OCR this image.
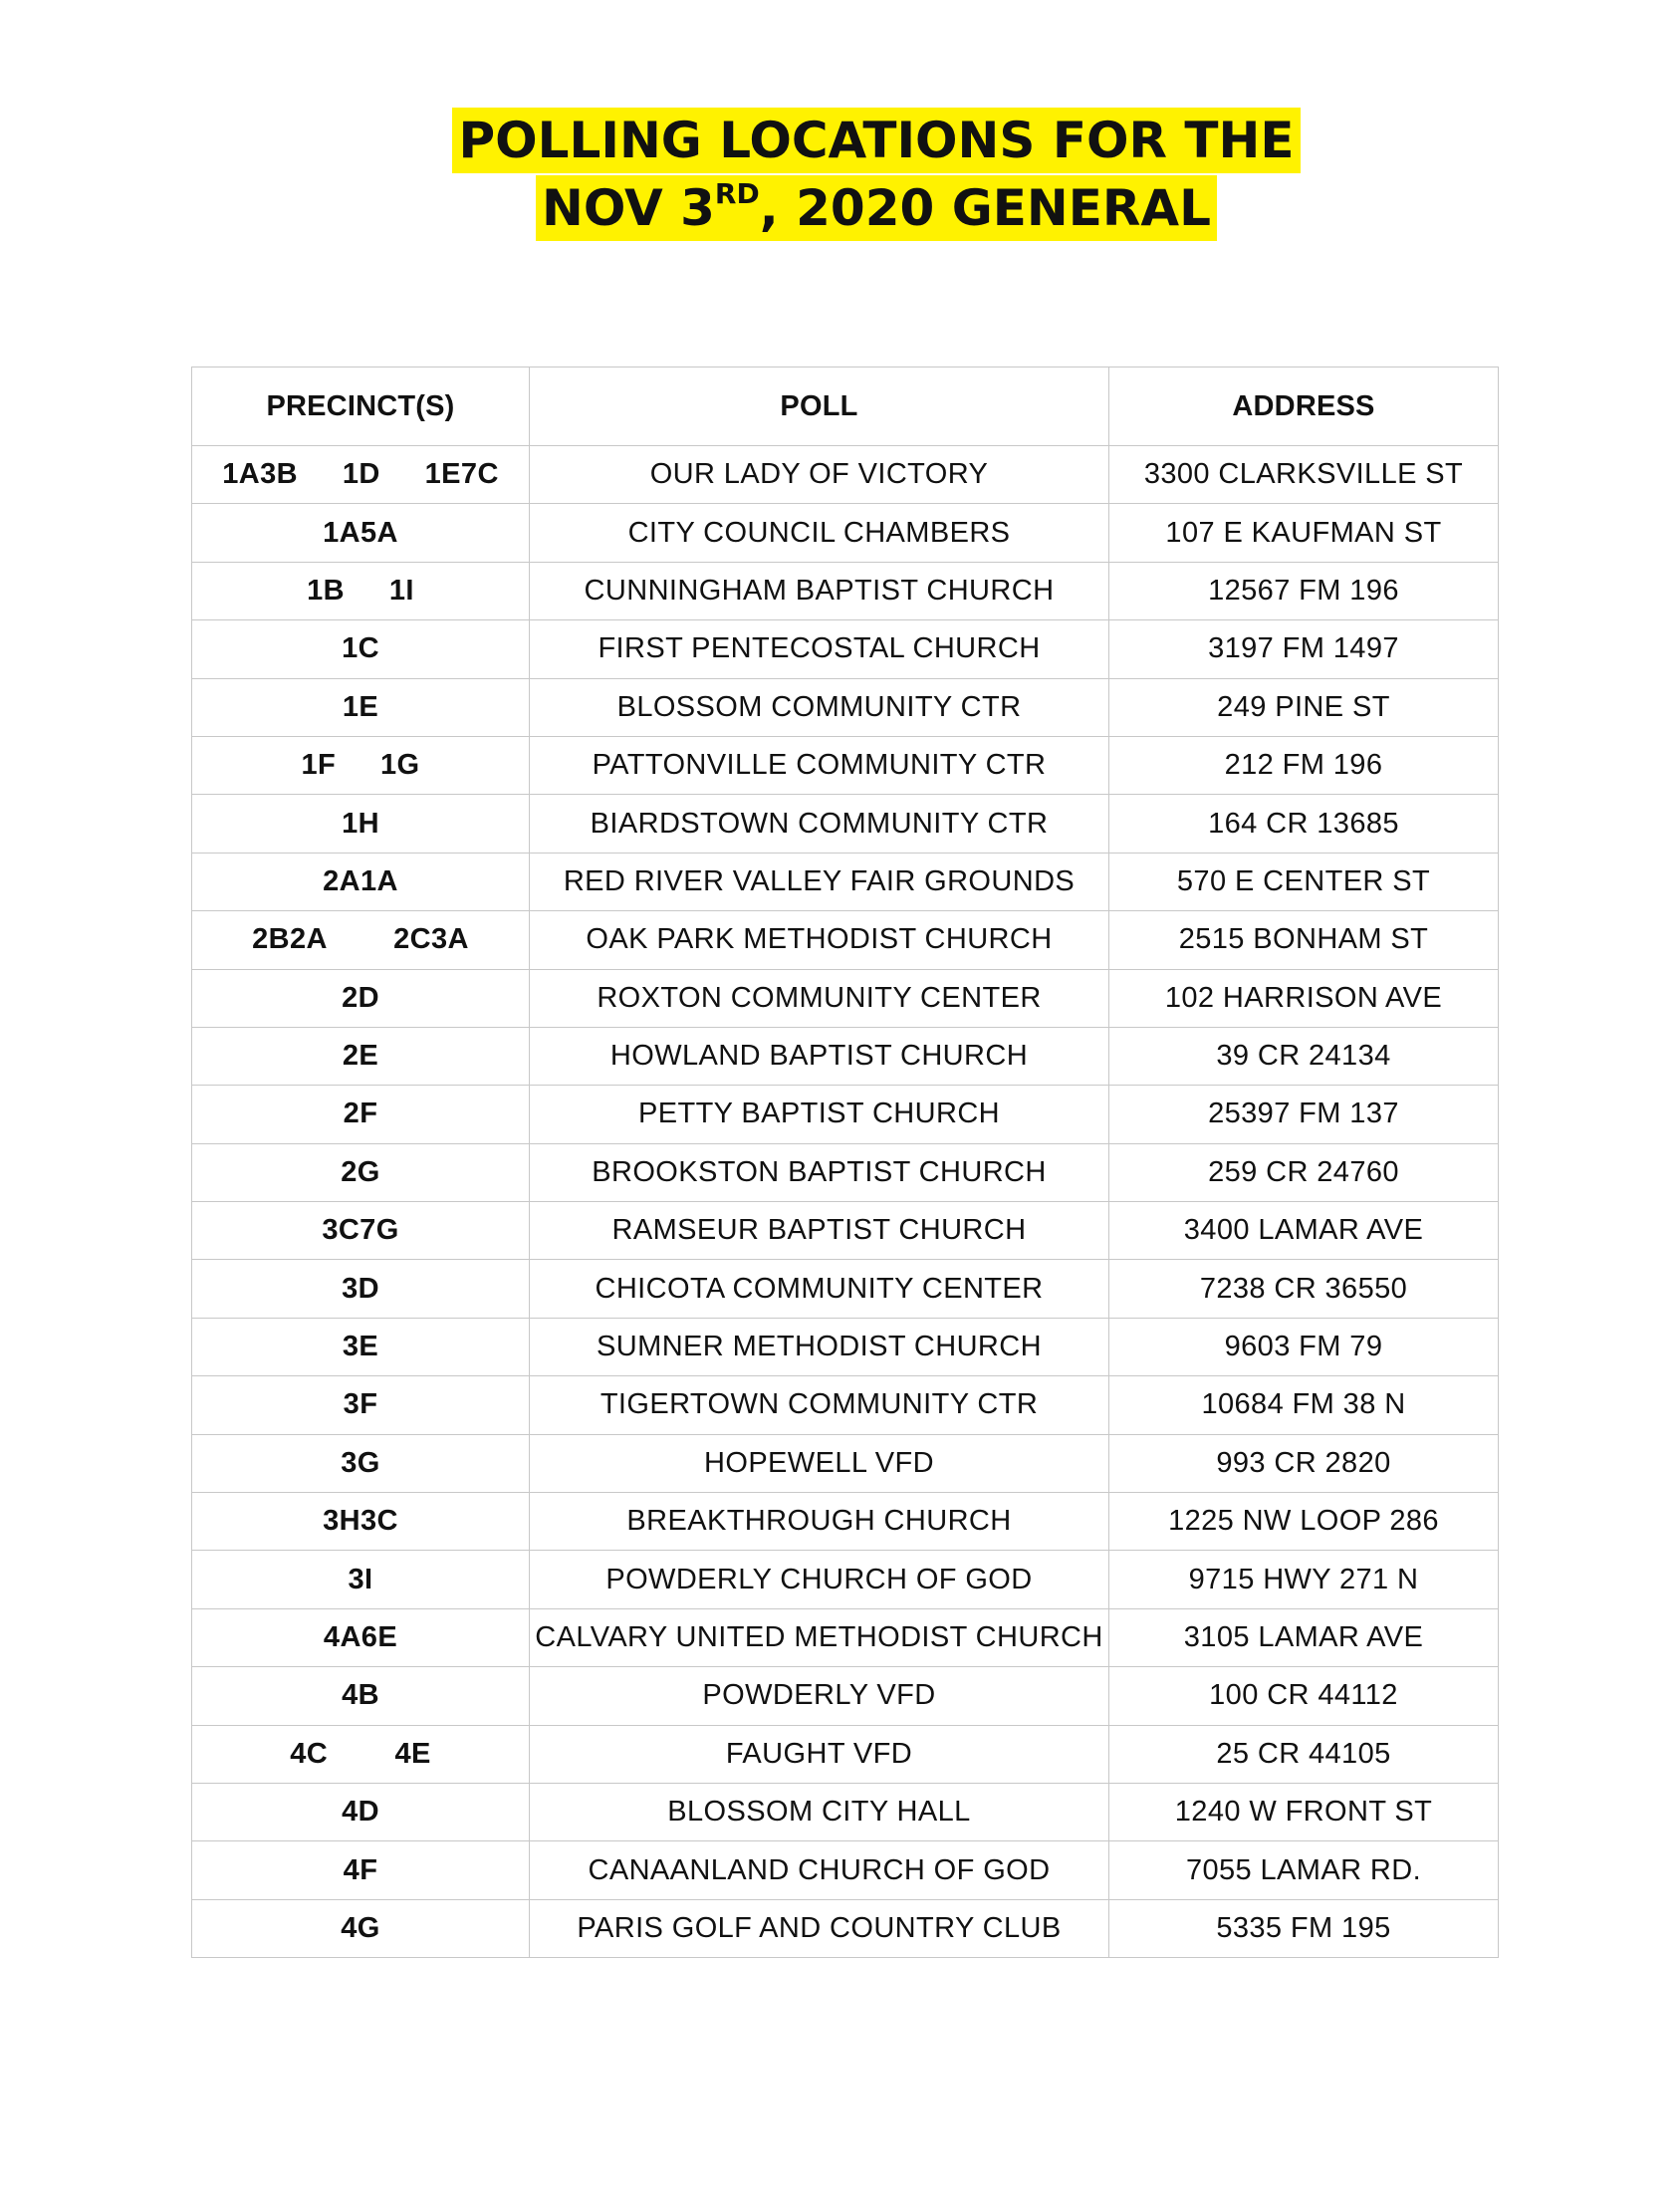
POLLING LOCATIONS FOR THE
NOV 3RD, 2020 GENERAL
PRECINCT(S)	POLL	ADDRESS
1A3B  1D  1E7C	OUR LADY OF VICTORY	3300 CLARKSVILLE ST
1A5A	CITY COUNCIL CHAMBERS	107 E KAUFMAN ST
1B  1I	CUNNINGHAM BAPTIST CHURCH	12567 FM 196
1C	FIRST PENTECOSTAL CHURCH	3197 FM 1497
1E	BLOSSOM COMMUNITY CTR	249 PINE ST
1F  1G	PATTONVILLE COMMUNITY CTR	212 FM 196
1H	BIARDSTOWN COMMUNITY CTR	164 CR 13685
2A1A	RED RIVER VALLEY FAIR GROUNDS	570 E CENTER ST
2B2A   2C3A	OAK PARK METHODIST CHURCH	2515 BONHAM ST
2D	ROXTON COMMUNITY CENTER	102 HARRISON AVE
2E	HOWLAND BAPTIST CHURCH	39 CR 24134
2F	PETTY BAPTIST CHURCH	25397 FM 137
2G	BROOKSTON BAPTIST CHURCH	259 CR 24760
3C7G	RAMSEUR BAPTIST CHURCH	3400 LAMAR AVE
3D	CHICOTA COMMUNITY CENTER	7238 CR 36550
3E	SUMNER METHODIST CHURCH	9603 FM 79
3F	TIGERTOWN COMMUNITY CTR	10684 FM 38 N
3G	HOPEWELL VFD	993 CR 2820
3H3C	BREAKTHROUGH CHURCH	1225 NW LOOP 286
3I	POWDERLY CHURCH OF GOD	9715 HWY 271 N
4A6E	CALVARY UNITED METHODIST CHURCH	3105 LAMAR AVE
4B	POWDERLY VFD	100 CR 44112
4C   4E	FAUGHT VFD	25 CR 44105
4D	BLOSSOM CITY HALL	1240 W FRONT ST
4F	CANAANLAND CHURCH OF GOD	7055 LAMAR RD.
4G	PARIS GOLF AND COUNTRY CLUB	5335 FM 195
